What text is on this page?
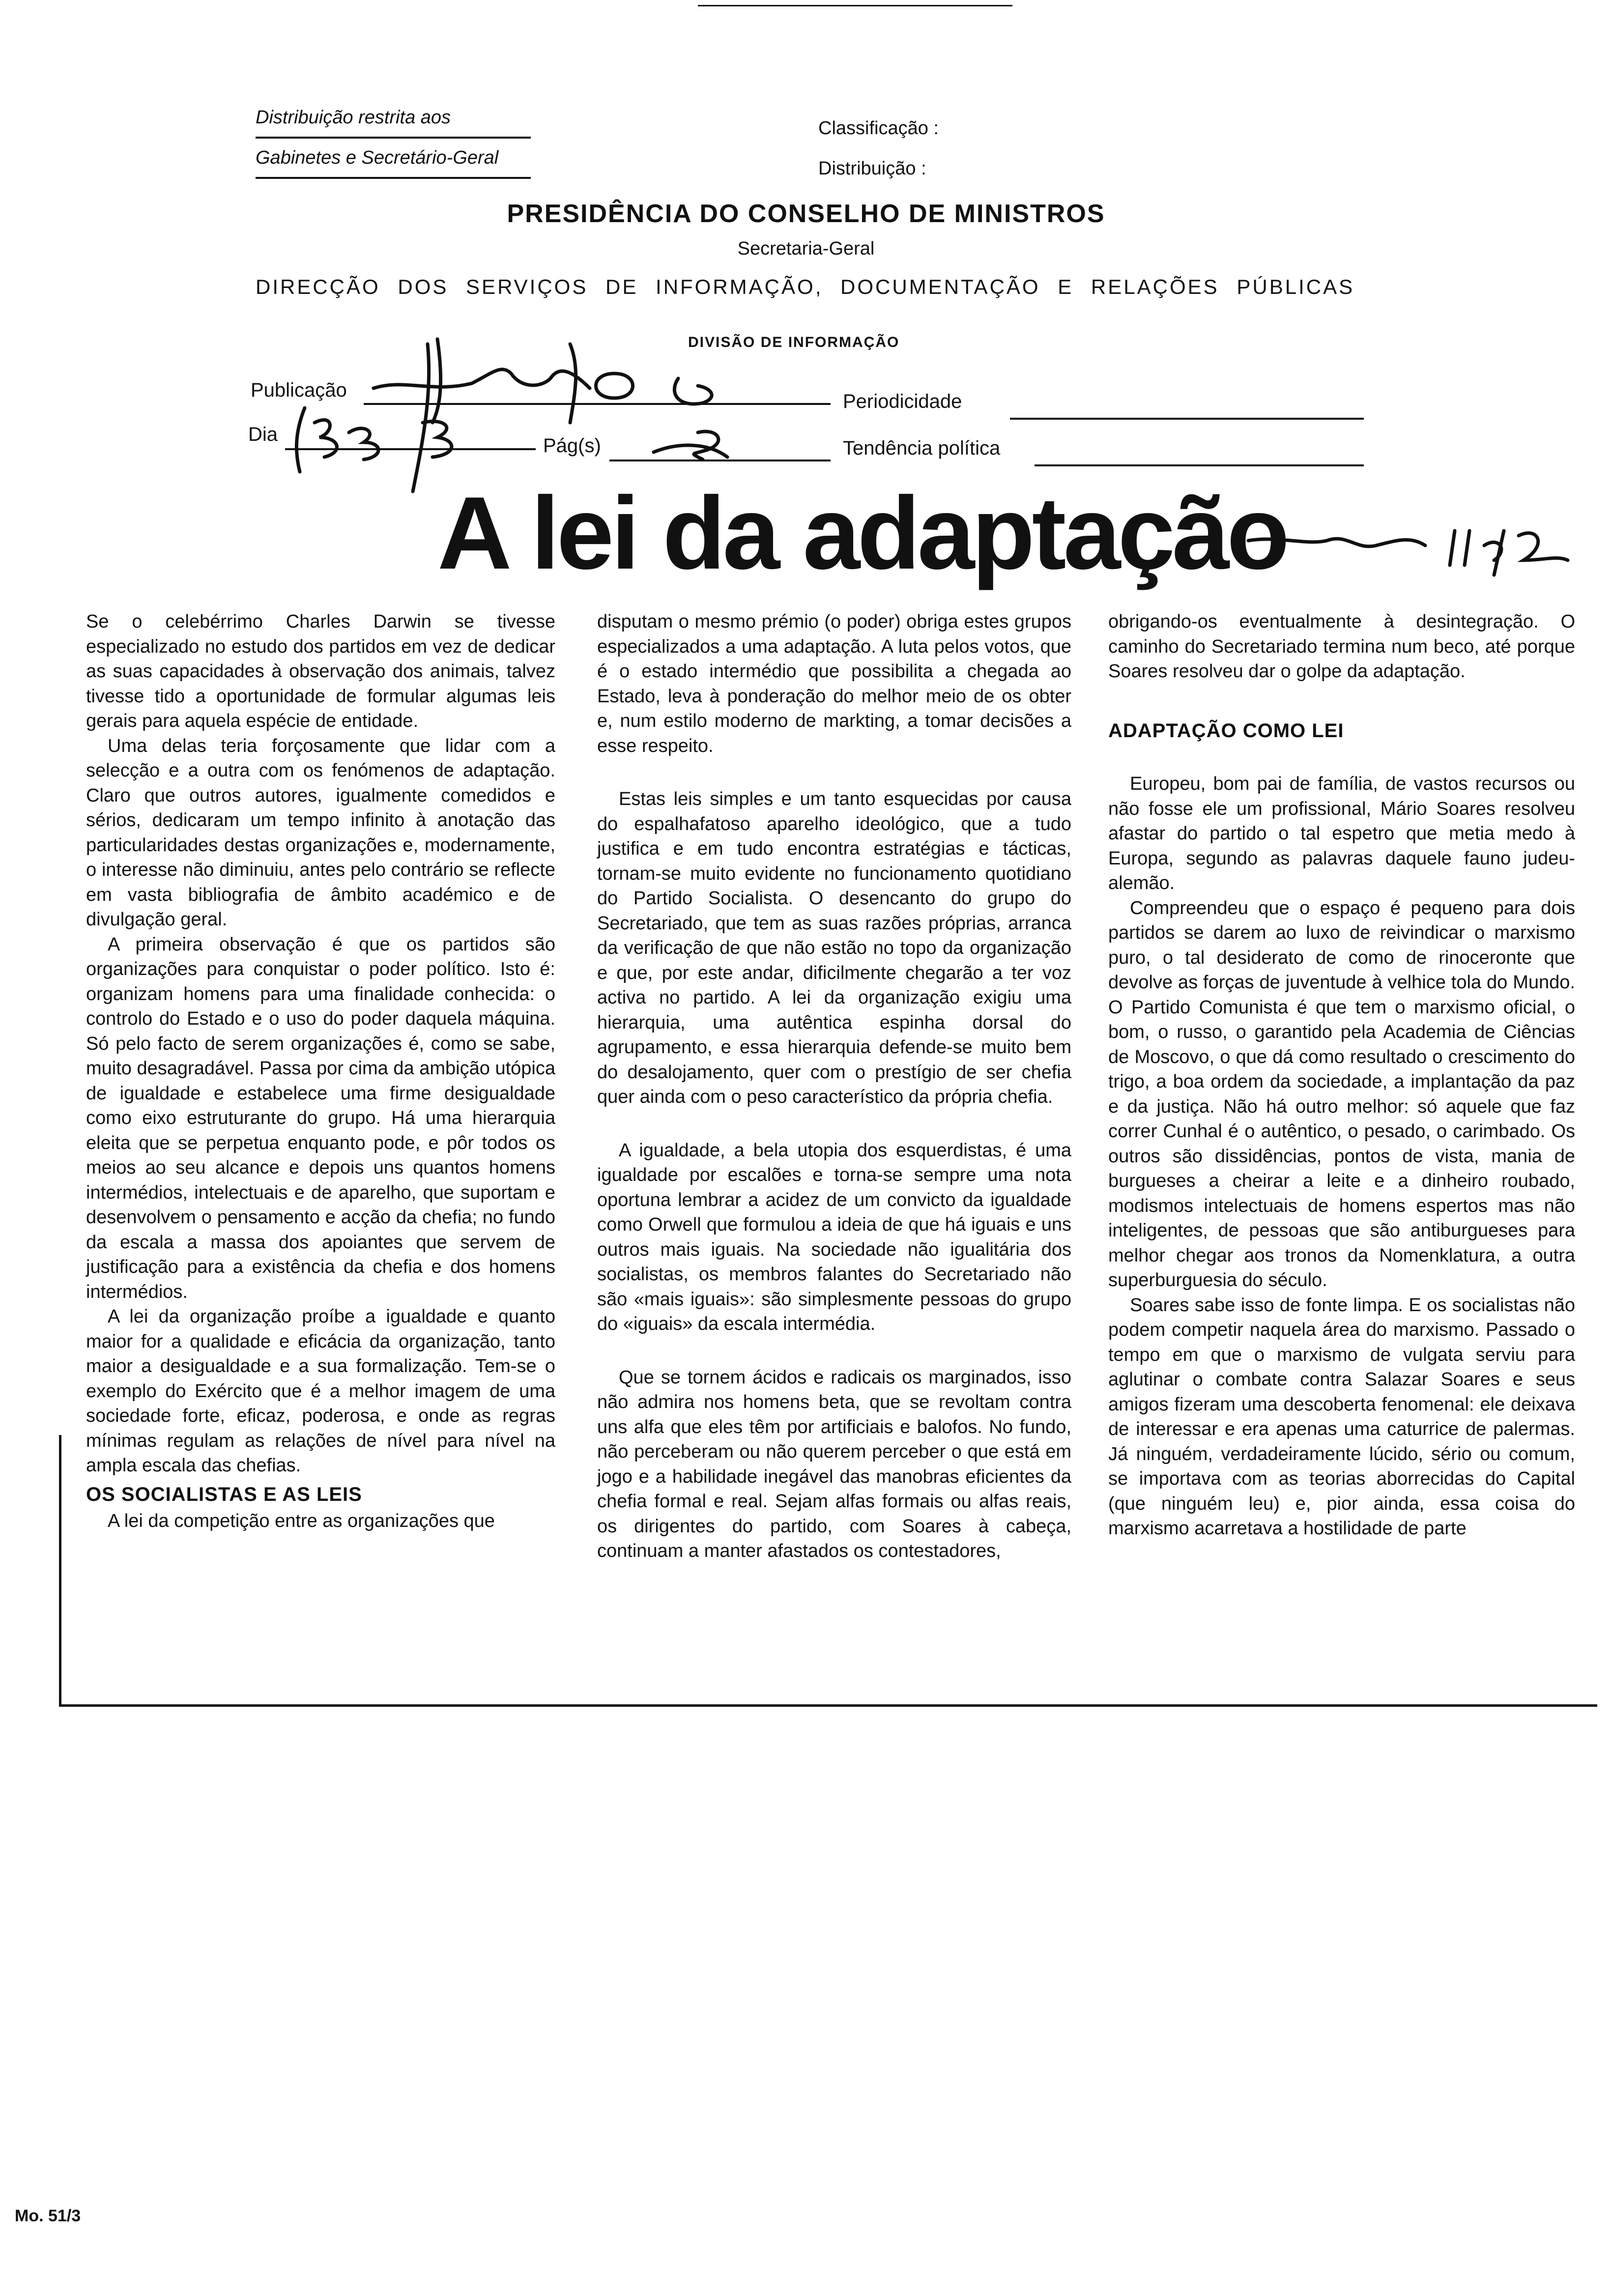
Distribuição restrita aos
Gabinetes e Secretário-Geral
Classificação :
Distribuição :
PRESIDÊNCIA DO CONSELHO DE MINISTROS
Secretaria-Geral
DIRECÇÃO DOS SERVIÇOS DE INFORMAÇÃO, DOCUMENTAÇÃO E RELAÇÕES PÚBLICAS
DIVISÃO DE INFORMAÇÃO
Publicação
Periodicidade
Dia
Pág(s)	Tendência política
A lei da adaptação

Se o celebérrimo Charles Darwin se tivesse especializado no estudo dos partidos em vez de dedicar as suas capacidades à observação dos animais, talvez tivesse tido a oportunidade de formular algumas leis gerais para aquela espécie de entidade.

Uma delas teria forçosamente que lidar com a selecção e a outra com os fenómenos de adaptação. Claro que outros autores, igualmente comedidos e sérios, dedicaram um tempo infinito à anotação das particularidades destas organizações e, modernamente, o interesse não diminuiu, antes pelo contrário se reflecte em vasta bibliografia de âmbito académico e de divulgação geral.

A primeira observação é que os partidos são organizações para conquistar o poder político. Isto é: organizam homens para uma finalidade conhecida: o controlo do Estado e o uso do poder daquela máquina. Só pelo facto de serem organizações é, como se sabe, muito desagradável. Passa por cima da ambição utópica de igualdade e estabelece uma firme desigualdade como eixo estruturante do grupo. Há uma hierarquia eleita que se perpetua enquanto pode, e pôr todos os meios ao seu alcance e depois uns quantos homens intermédios, intelectuais e de aparelho, que suportam e desenvolvem o pensamento e acção da chefia; no fundo da escala a massa dos apoiantes que servem de justificação para a existência da chefia e dos homens intermédios.

A lei da organização proíbe a igualdade e quanto maior for a qualidade e eficácia da organização, tanto maior a desigualdade e a sua formalização. Tem-se o exemplo do Exército que é a melhor imagem de uma sociedade forte, eficaz, poderosa, e onde as regras mínimas regulam as relações de nível para nível na ampla escala das chefias.

OS SOCIALISTAS E AS LEIS

A lei da competição entre as organizações que

disputam o mesmo prémio (o poder) obriga estes grupos especializados a uma adaptação. A luta pelos votos, que é o estado intermédio que possibilita a chegada ao Estado, leva à ponderação do melhor meio de os obter e, num estilo moderno de markting, a tomar decisões a esse respeito.

Estas leis simples e um tanto esquecidas por causa do espalhafatoso aparelho ideológico, que a tudo justifica e em tudo encontra estratégias e tácticas, tornam-se muito evidente no funcionamento quotidiano do Partido Socialista. O desencanto do grupo do Secretariado, que tem as suas razões próprias, arranca da verificação de que não estão no topo da organização e que, por este andar, dificilmente chegarão a ter voz activa no partido. A lei da organização exigiu uma hierarquia, uma autêntica espinha dorsal do agrupamento, e essa hierarquia defende-se muito bem do desalojamento, quer com o prestígio de ser chefia quer ainda com o peso característico da própria chefia.

A igualdade, a bela utopia dos esquerdistas, é uma igualdade por escalões e torna-se sempre uma nota oportuna lembrar a acidez de um convicto da igualdade como Orwell que formulou a ideia de que há iguais e uns outros mais iguais. Na sociedade não igualitária dos socialistas, os membros falantes do Secretariado não são «mais iguais»: são simplesmente pessoas do grupo do «iguais» da escala intermédia.

Que se tornem ácidos e radicais os marginados, isso não admira nos homens beta, que se revoltam contra uns alfa que eles têm por artificiais e balofos. No fundo, não perceberam ou não querem perceber o que está em jogo e a habilidade inegável das manobras eficientes da chefia formal e real. Sejam alfas formais ou alfas reais, os dirigentes do partido, com Soares à cabeça, continuam a manter afastados os contestadores,

obrigando-os eventualmente à desintegração. O caminho do Secretariado termina num beco, até porque Soares resolveu dar o golpe da adaptação.

ADAPTAÇÃO COMO LEI

Europeu, bom pai de família, de vastos recursos ou não fosse ele um profissional, Mário Soares resolveu afastar do partido o tal espetro que metia medo à Europa, segundo as palavras daquele fauno judeu-alemão.

Compreendeu que o espaço é pequeno para dois partidos se darem ao luxo de reivindicar o marxismo puro, o tal desiderato de como de rinoceronte que devolve as forças de juventude à velhice tola do Mundo. O Partido Comunista é que tem o marxismo oficial, o bom, o russo, o garantido pela Academia de Ciências de Moscovo, o que dá como resultado o crescimento do trigo, a boa ordem da sociedade, a implantação da paz e da justiça. Não há outro melhor: só aquele que faz correr Cunhal é o autêntico, o pesado, o carimbado. Os outros são dissidências, pontos de vista, mania de burgueses a cheirar a leite e a dinheiro roubado, modismos intelectuais de homens espertos mas não inteligentes, de pessoas que são antiburgueses para melhor chegar aos tronos da Nomenklatura, a outra superburguesia do século.

Soares sabe isso de fonte limpa. E os socialistas não podem competir naquela área do marxismo. Passado o tempo em que o marxismo de vulgata serviu para aglutinar o combate contra Salazar Soares e seus amigos fizeram uma descoberta fenomenal: ele deixava de interessar e era apenas uma caturrice de palermas. Já ninguém, verdadeiramente lúcido, sério ou comum, se importava com as teorias aborrecidas do Capital (que ninguém leu) e, pior ainda, essa coisa do marxismo acarretava a hostilidade de parte

Mo. 51/3
